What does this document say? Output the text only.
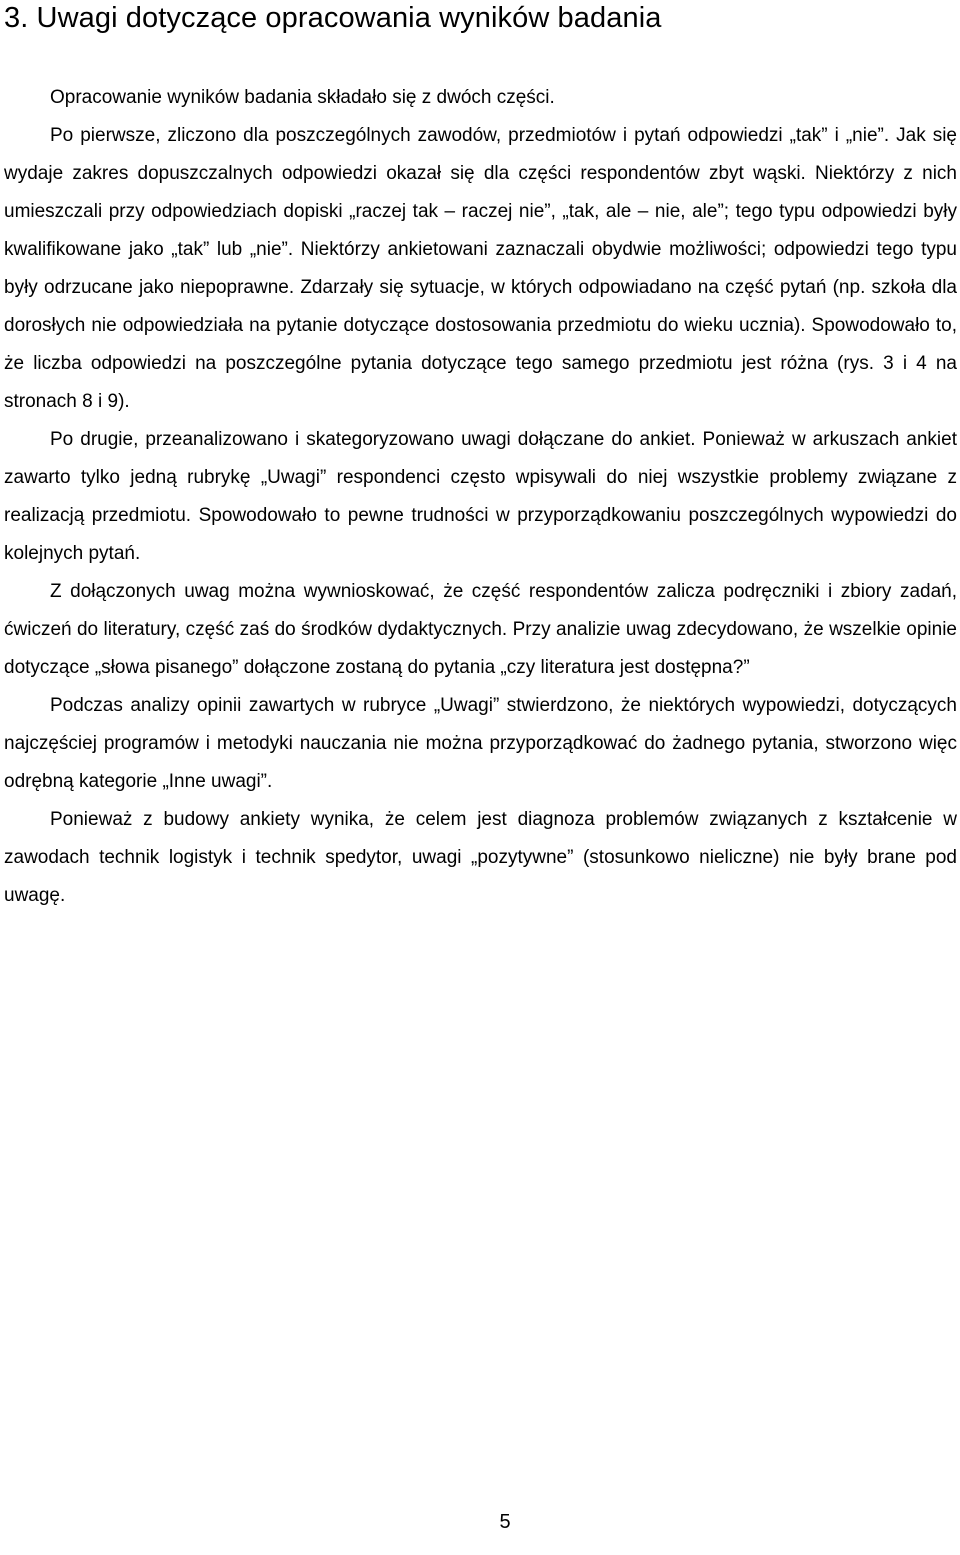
3. Uwagi dotyczące opracowania wyników badania

Opracowanie wyników badania składało się z dwóch części.

Po pierwsze, zliczono dla poszczególnych zawodów, przedmiotów i pytań odpowiedzi „tak” i „nie”. Jak się wydaje zakres dopuszczalnych odpowiedzi okazał się dla części respondentów zbyt wąski. Niektórzy z nich umieszczali przy odpowiedziach dopiski „raczej tak – raczej nie”, „tak, ale – nie, ale”; tego typu odpowiedzi były kwalifikowane jako „tak” lub „nie”. Niektórzy ankietowani zaznaczali obydwie możliwości; odpowiedzi tego typu były odrzucane jako niepoprawne. Zdarzały się sytuacje, w których odpowiadano na część pytań (np. szkoła dla dorosłych nie odpowiedziała na pytanie dotyczące dostosowania przedmiotu do wieku ucznia). Spowodowało to, że liczba odpowiedzi na poszczególne pytania dotyczące tego samego przedmiotu jest różna (rys. 3 i 4 na stronach 8 i 9).

Po drugie, przeanalizowano i skategoryzowano uwagi dołączane do ankiet. Ponieważ w arkuszach ankiet zawarto tylko jedną rubrykę „Uwagi” respondenci często wpisywali do niej wszystkie problemy związane z realizacją przedmiotu. Spowodowało to pewne trudności w przyporządkowaniu poszczególnych wypowiedzi do kolejnych pytań.

Z dołączonych uwag można wywnioskować, że część respondentów zalicza podręczniki i zbiory zadań, ćwiczeń do literatury, część zaś do środków dydaktycznych. Przy analizie uwag zdecydowano, że wszelkie opinie dotyczące „słowa pisanego” dołączone zostaną do pytania „czy literatura jest dostępna?”

Podczas analizy opinii zawartych w rubryce „Uwagi” stwierdzono, że niektórych wypowiedzi, dotyczących najczęściej programów i metodyki nauczania nie można przyporządkować do żadnego pytania, stworzono więc odrębną kategorie „Inne uwagi”.

Ponieważ z budowy ankiety wynika, że celem jest diagnoza problemów związanych z kształcenie w zawodach technik logistyk i technik spedytor, uwagi „pozytywne” (stosunkowo nieliczne) nie były brane pod uwagę.

5
